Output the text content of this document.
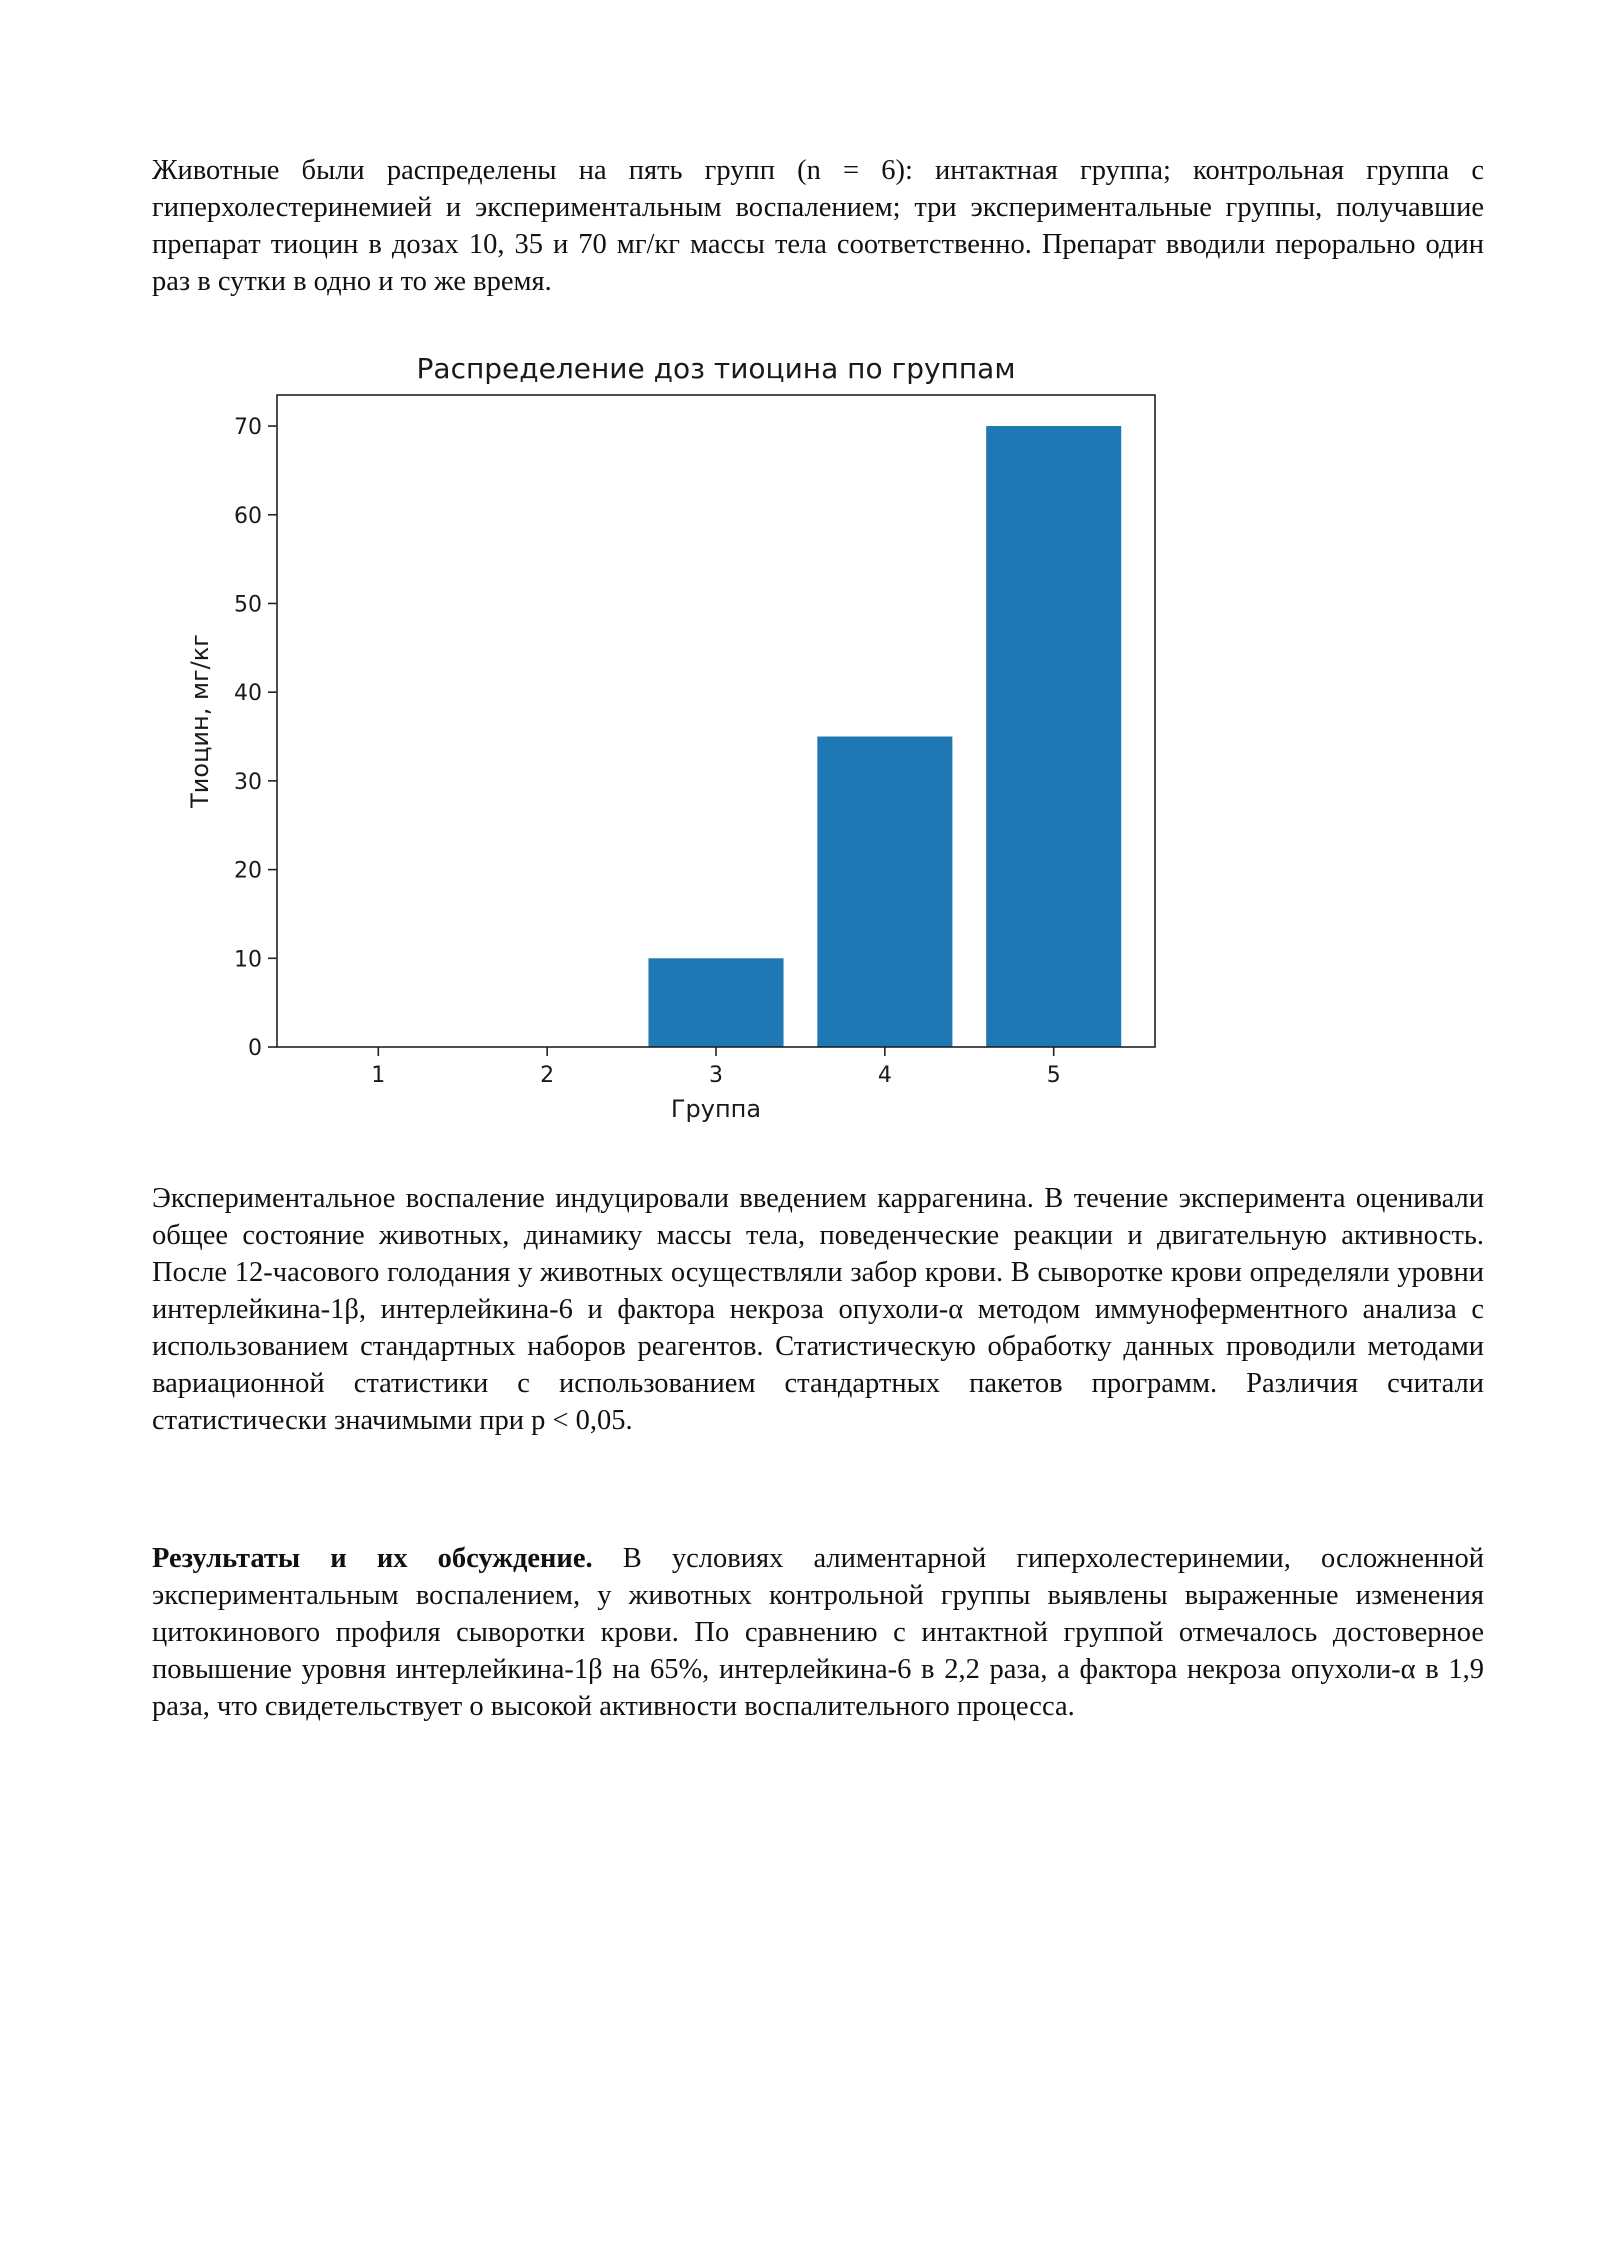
Животные были распределены на пять групп (n = 6): интактная группа; контрольная группа с гиперхолестеринемией и экспериментальным воспалением; три экспериментальные группы, получавшие препарат тиоцин в дозах 10, 35 и 70 мг/кг массы тела соответственно. Препарат вводили перорально один раз в сутки в одно и то же время.

Распределение доз тиоцина по группам
0
10
20
30
40
50
60
70
1	2	3	4	5
Группа
Тиоцин, мг/кг

Экспериментальное воспаление индуцировали введением каррагенина. В течение эксперимента оценивали общее состояние животных, динамику массы тела, поведенческие реакции и двигательную активность. После 12-часового голодания у животных осуществляли забор крови. В сыворотке крови определяли уровни интерлейкина-1β, интерлейкина-6 и фактора некроза опухоли-α методом иммуноферментного анализа с использованием стандартных наборов реагентов. Статистическую обработку данных проводили методами вариационной статистики с использованием стандартных пакетов программ. Различия считали статистически значимыми при p < 0,05.

Результаты и их обсуждение. В условиях алиментарной гиперхолестеринемии, осложненной экспериментальным воспалением, у животных контрольной группы выявлены выраженные изменения цитокинового профиля сыворотки крови. По сравнению с интактной группой отмечалось достоверное повышение уровня интерлейкина-1β на 65%, интерлейкина-6 в 2,2 раза, а фактора некроза опухоли-α в 1,9 раза, что свидетельствует о высокой активности воспалительного процесса.
